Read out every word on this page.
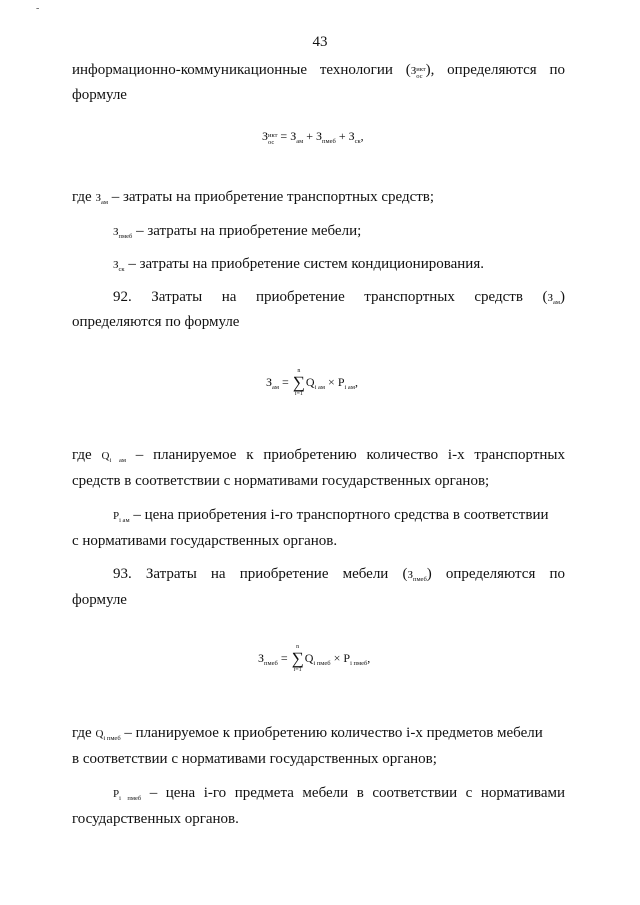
-
43
информационно-коммуникационные технологии (З икт
ос ), определяются по
формуле
З икт
ос = $З_{ам} + З_{пмеб} + З_{ск}$,
где $З_{ам}$ – затраты на приобретение транспортных средств;
$З_{пмеб}$ – затраты на приобретение мебели;
$З_{ск}$ – затраты на приобретение систем кондиционирования.
92. Затраты на приобретение транспортных средств $(З_{ам})$
определяются по формуле
$З_{ам}$ =
n
∑
i=1
$Q_{i ам} \times P_{i ам}$,
где $Q_{i ам}$ – планируемое к приобретению количество i-х транспортных
средств в соответствии с нормативами государственных органов;
$P_{i ам}$ – цена приобретения i-го транспортного средства в соответствии
с нормативами государственных органов.
93. Затраты на приобретение мебели $(З_{пмеб})$ определяются по
формуле
$З_{пмеб}$ =
n
∑
i=1
$Q_{i пмеб} \times P_{i пмеб}$,
где $Q_{i пмеб}$ – планируемое к приобретению количество i-х предметов мебели
в соответствии с нормативами государственных органов;
$P_{i пмеб}$ – цена i-го предмета мебели в соответствии с нормативами
государственных органов.
